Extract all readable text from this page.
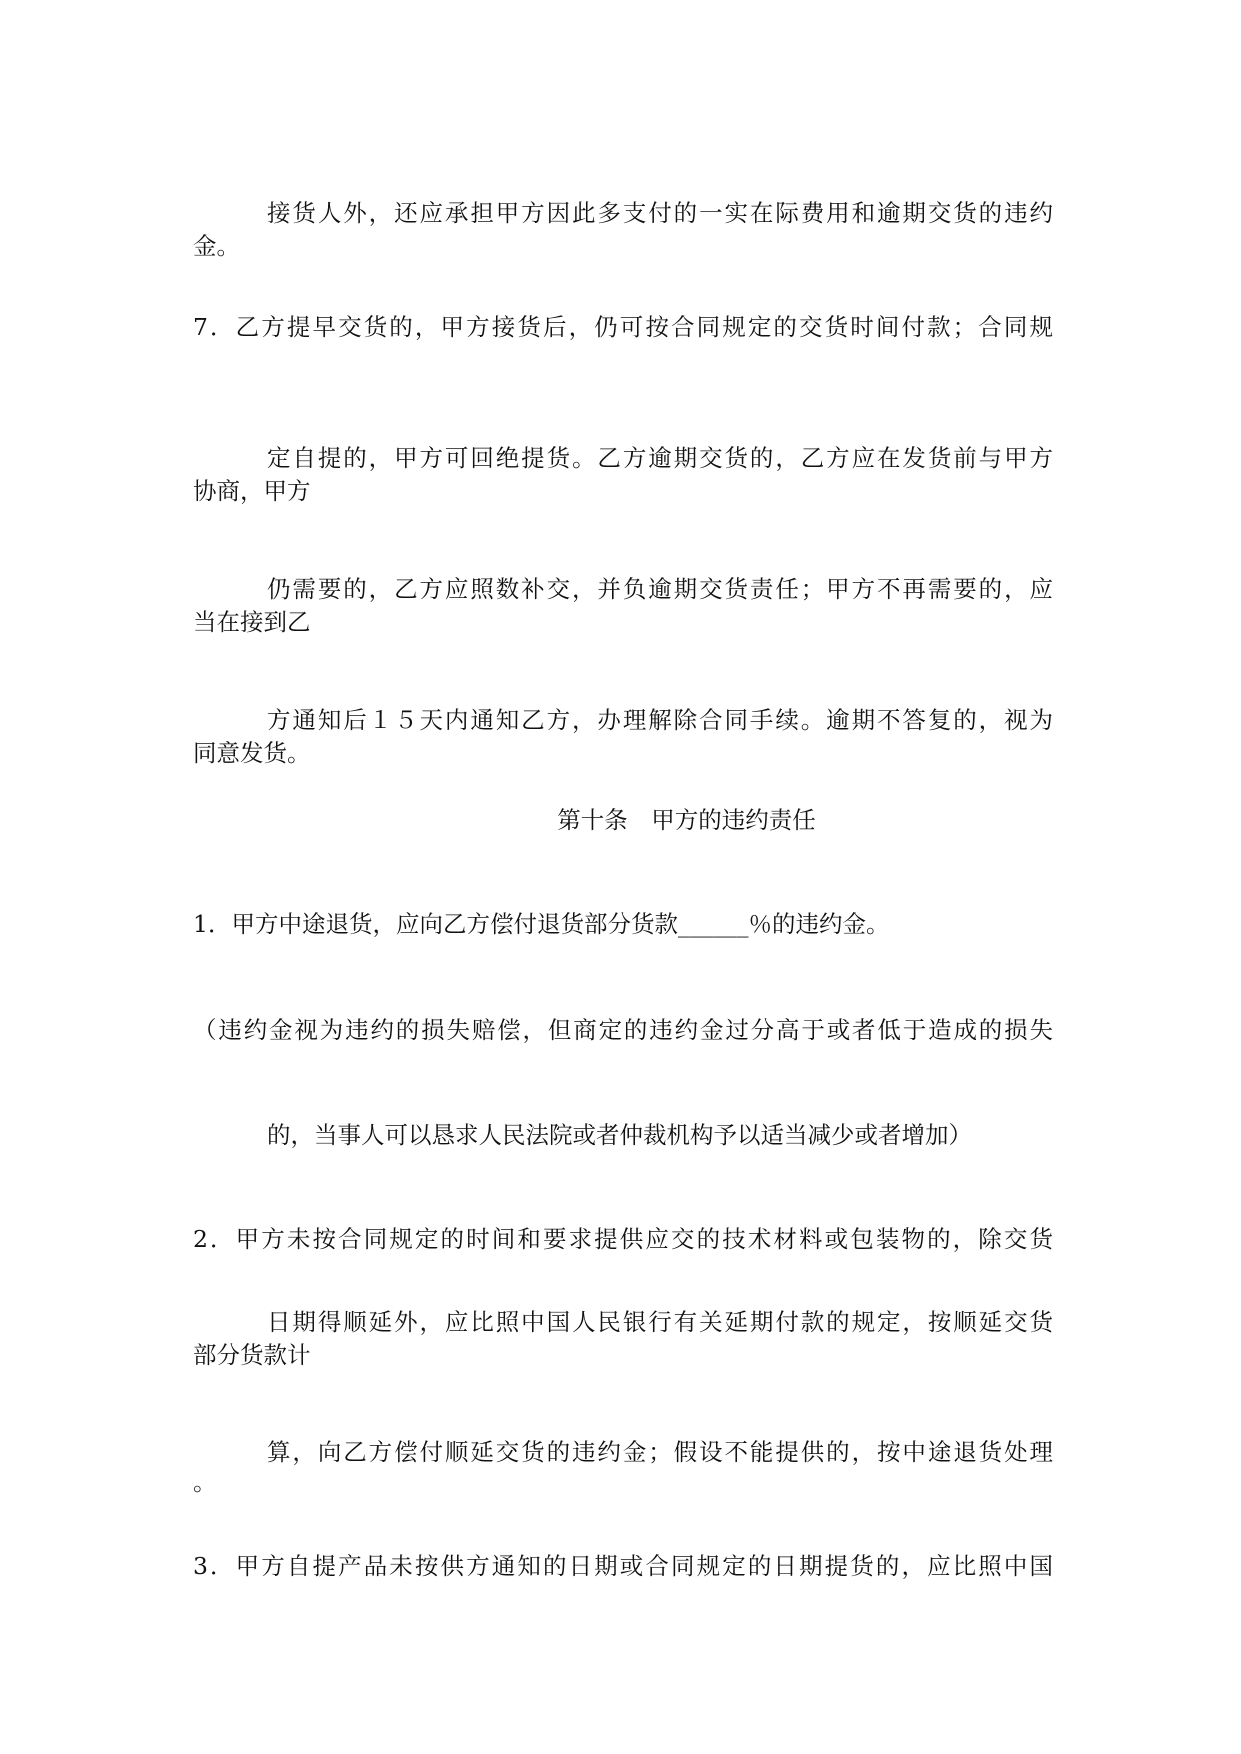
接货人外，还应承担甲方因此多支付的一实在际费用和逾期交货的违约
金。
7．乙方提早交货的，甲方接货后，仍可按合同规定的交货时间付款；合同规
定自提的，甲方可回绝提货。乙方逾期交货的，乙方应在发货前与甲方
协商，甲方
仍需要的，乙方应照数补交，并负逾期交货责任；甲方不再需要的，应
当在接到乙
方通知后１５天内通知乙方，办理解除合同手续。逾期不答复的，视为
同意发货。
第十条　甲方的违约责任
1．甲方中途退货，应向乙方偿付退货部分货款______％的违约金。
（违约金视为违约的损失赔偿，但商定的违约金过分高于或者低于造成的损失
的，当事人可以恳求人民法院或者仲裁机构予以适当减少或者增加）
2．甲方未按合同规定的时间和要求提供应交的技术材料或包装物的，除交货
日期得顺延外，应比照中国人民银行有关延期付款的规定，按顺延交货
部分货款计
算，向乙方偿付顺延交货的违约金；假设不能提供的，按中途退货处理
。
3．甲方自提产品未按供方通知的日期或合同规定的日期提货的，应比照中国
